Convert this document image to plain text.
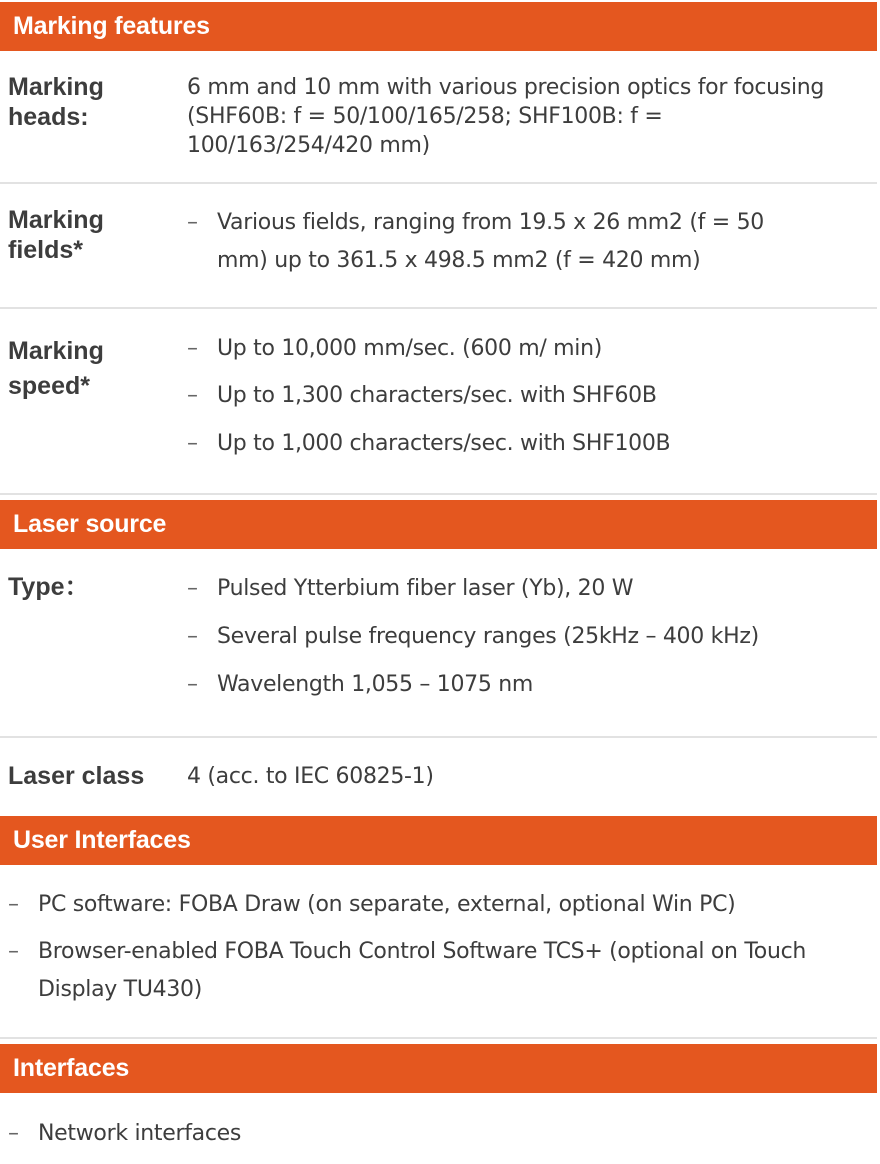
Marking features
Marking heads:
6 mm and 10 mm with various precision optics for focusing (SHF60B: f = 50/100/165/258; SHF100B: f = 100/163/254/420 mm)
Marking fields*
– Various fields, ranging from 19.5 x 26 mm2 (f = 50 mm) up to 361.5 x 498.5 mm2 (f = 420 mm)
Marking speed*
– Up to 10,000 mm/sec. (600 m/ min)
– Up to 1,300 characters/sec. with SHF60B
– Up to 1,000 characters/sec. with SHF100B
Laser source
Type：	– Pulsed Ytterbium fiber laser (Yb), 20 W
– Several pulse frequency ranges (25kHz – 400 kHz)
– Wavelength 1,055 – 1075 nm
Laser class	4 (acc. to IEC 60825-1)
User Interfaces
– PC software: FOBA Draw (on separate, external, optional Win PC)
– Browser-enabled FOBA Touch Control Software TCS+ (optional on Touch Display TU430)
Interfaces
– Network interfaces
